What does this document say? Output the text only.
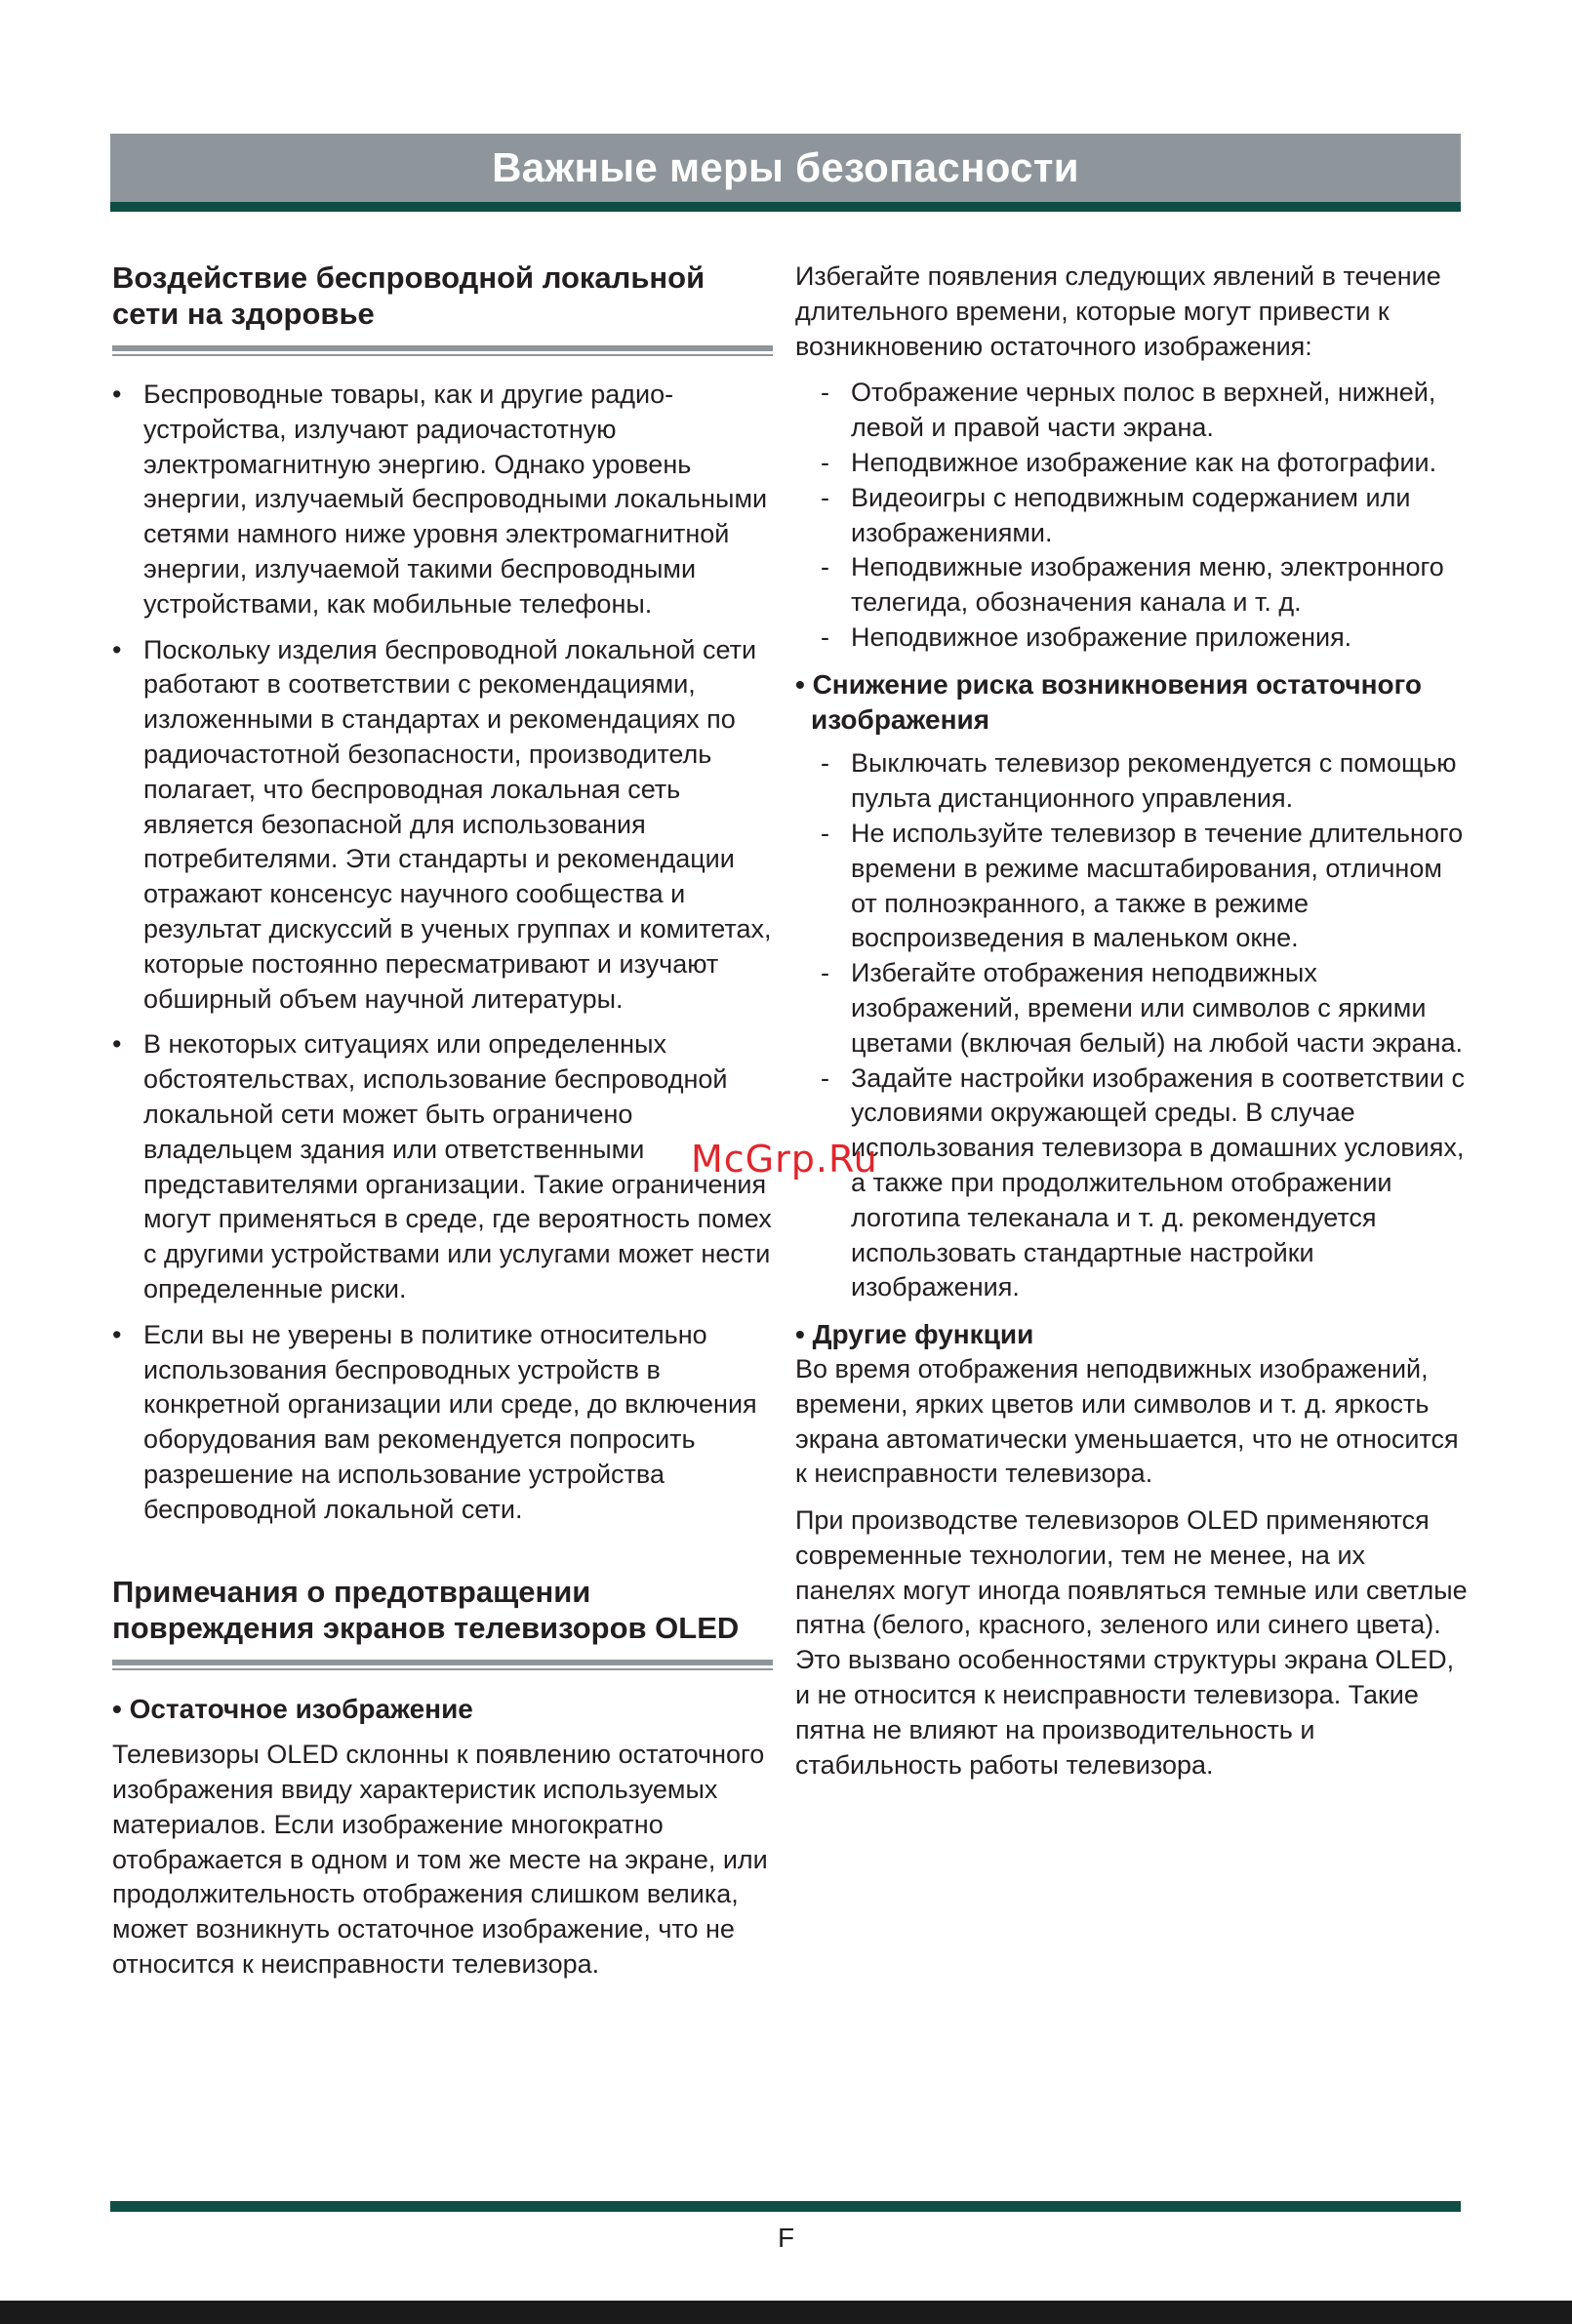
Важные меры безопасности
Воздействие беспроводной локальной сети на здоровье
• Беспроводные товары, как и другие радио-устройства, излучают радиочастотную электромагнитную энергию. Однако уровень энергии, излучаемый беспроводными локальными сетями намного ниже уровня электромагнитной энергии, излучаемой такими беспроводными устройствами, как мобильные телефоны.
• Поскольку изделия беспроводной локальной сети работают в соответствии с рекомендациями, изложенными в стандартах и рекомендациях по радиочастотной безопасности, производитель полагает, что беспроводная локальная сеть является безопасной для использования потребителями. Эти стандарты и рекомендации отражают консенсус научного сообщества и результат дискуссий в ученых группах и комитетах, которые постоянно пересматривают и изучают обширный объем научной литературы.
• В некоторых ситуациях или определенных обстоятельствах, использование беспроводной локальной сети может быть ограничено владельцем здания или ответственными представителями организации. Такие ограничения могут применяться в среде, где вероятность помех с другими устройствами или услугами может нести определенные риски.
• Если вы не уверены в политике относительно использования беспроводных устройств в конкретной организации или среде, до включения оборудования вам рекомендуется попросить разрешение на использование устройства беспроводной локальной сети.
Примечания о предотвращении повреждения экранов телевизоров OLED

• Остаточное изображение

Телевизоры OLED склонны к появлению остаточного изображения ввиду характеристик используемых материалов. Если изображение многократно отображается в одном и том же месте на экране, или продолжительность отображения слишком велика, может возникнуть остаточное изображение, что не относится к неисправности телевизора.

Избегайте появления следующих явлений в течение длительного времени, которые могут привести к возникновению остаточного изображения:

- Отображение черных полос в верхней, нижней, левой и правой части экрана.
- Неподвижное изображение как на фотографии.
- Видеоигры с неподвижным содержанием или изображениями.
- Неподвижные изображения меню, электронного телегида, обозначения канала и т. д.
- Неподвижное изображение приложения.

• Снижение риска возникновения остаточного изображения

- Выключать телевизор рекомендуется с помощью пульта дистанционного управления.
- Не используйте телевизор в течение длительного времени в режиме масштабирования, отличном от полноэкранного, а также в режиме воспроизведения в маленьком окне.
- Избегайте отображения неподвижных изображений, времени или символов с яркими цветами (включая белый) на любой части экрана.
- Задайте настройки изображения в соответствии с условиями окружающей среды. В случае использования телевизора в домашних условиях, а также при продолжительном отображении логотипа телеканала и т. д. рекомендуется использовать стандартные настройки изображения.

• Другие функции

Во время отображения неподвижных изображений, времени, ярких цветов или символов и т. д. яркость экрана автоматически уменьшается, что не относится к неисправности телевизора.

При производстве телевизоров OLED применяются современные технологии, тем не менее, на их панелях могут иногда появляться темные или светлые пятна (белого, красного, зеленого или синего цвета). Это вызвано особенностями структуры экрана OLED, и не относится к неисправности телевизора. Такие пятна не влияют на производительность и стабильность работы телевизора.

McGrp.Ru
F
